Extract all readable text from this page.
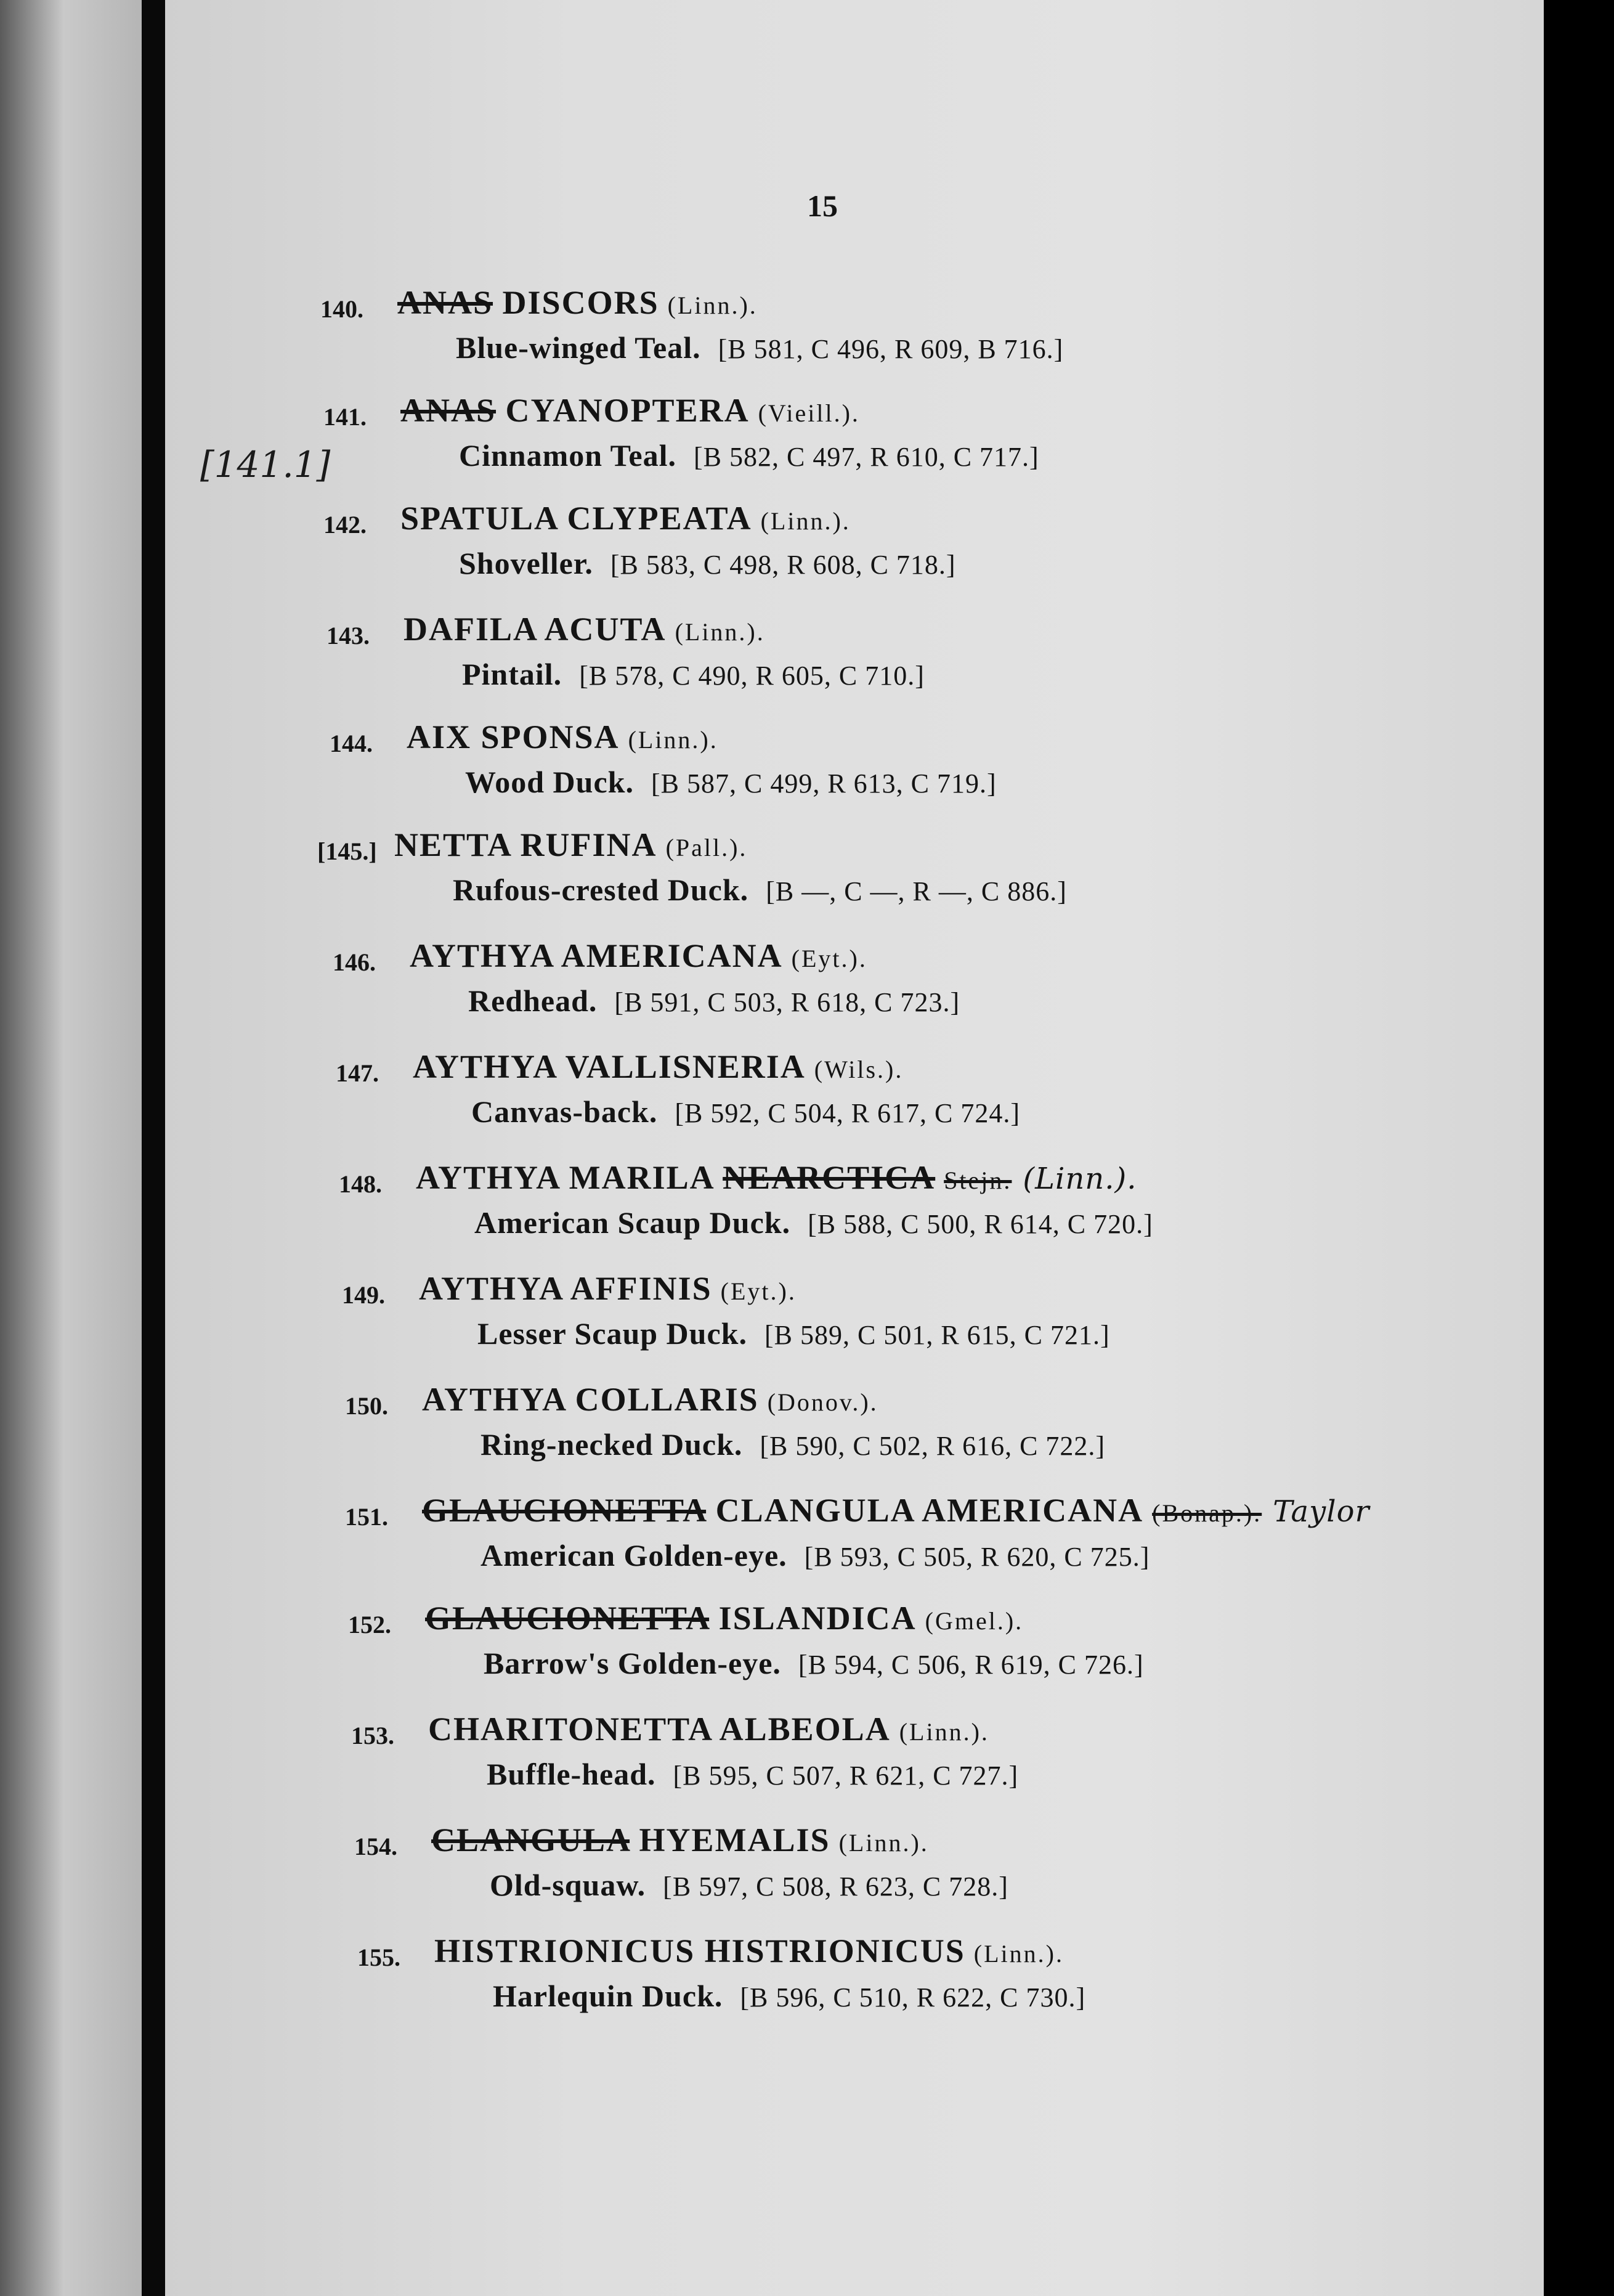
15
[141.1]
140. ANAS DISCORS (Linn.).
Blue-winged Teal. [B 581, C 496, R 609, B 716.]
141. ANAS CYANOPTERA (Vieill.).
Cinnamon Teal. [B 582, C 497, R 610, C 717.]
142. SPATULA CLYPEATA (Linn.).
Shoveller. [B 583, C 498, R 608, C 718.]
143. DAFILA ACUTA (Linn.).
Pintail. [B 578, C 490, R 605, C 710.]
144. AIX SPONSA (Linn.).
Wood Duck. [B 587, C 499, R 613, C 719.]
[145.] NETTA RUFINA (Pall.).
Rufous-crested Duck. [B —, C —, R —, C 886.]
146. AYTHYA AMERICANA (Eyt.).
Redhead. [B 591, C 503, R 618, C 723.]
147. AYTHYA VALLISNERIA (Wils.).
Canvas-back. [B 592, C 504, R 617, C 724.]
148. AYTHYA MARILA NEARCTICA Stejn. (Linn.).
American Scaup Duck. [B 588, C 500, R 614, C 720.]
149. AYTHYA AFFINIS (Eyt.).
Lesser Scaup Duck. [B 589, C 501, R 615, C 721.]
150. AYTHYA COLLARIS (Donov.).
Ring-necked Duck. [B 590, C 502, R 616, C 722.]
151. GLAUCIONETTA CLANGULA AMERICANA (Bonap.). Taylor
American Golden-eye. [B 593, C 505, R 620, C 725.]
152. GLAUCIONETTA ISLANDICA (Gmel.).
Barrow's Golden-eye. [B 594, C 506, R 619, C 726.]
153. CHARITONETTA ALBEOLA (Linn.).
Buffle-head. [B 595, C 507, R 621, C 727.]
154. CLANGULA HYEMALIS (Linn.).
Old-squaw. [B 597, C 508, R 623, C 728.]
155. HISTRIONICUS HISTRIONICUS (Linn.).
Harlequin Duck. [B 596, C 510, R 622, C 730.]
